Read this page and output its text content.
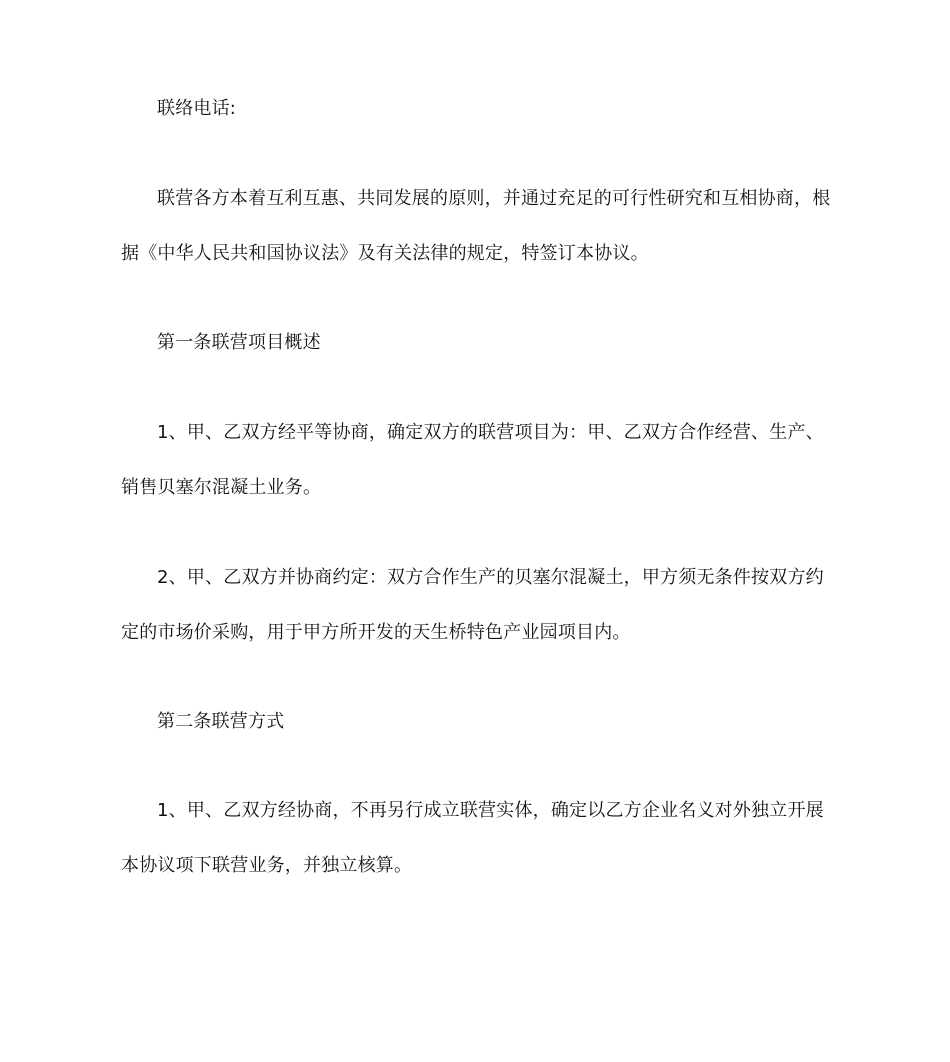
联络电话:
联营各方本着互利互惠、共同发展的原则，并通过充足的可行性研究和互相协商，根
据《中华人民共和国协议法》及有关法律的规定，特签订本协议。
第一条联营项目概述
1、甲、乙双方经平等协商，确定双方的联营项目为：甲、乙双方合作经营、生产、
销售贝塞尔混凝土业务。
2、甲、乙双方并协商约定：双方合作生产的贝塞尔混凝土，甲方须无条件按双方约
定的市场价采购，用于甲方所开发的天生桥特色产业园项目内。
第二条联营方式
1、甲、乙双方经协商，不再另行成立联营实体，确定以乙方企业名义对外独立开展
本协议项下联营业务，并独立核算。
